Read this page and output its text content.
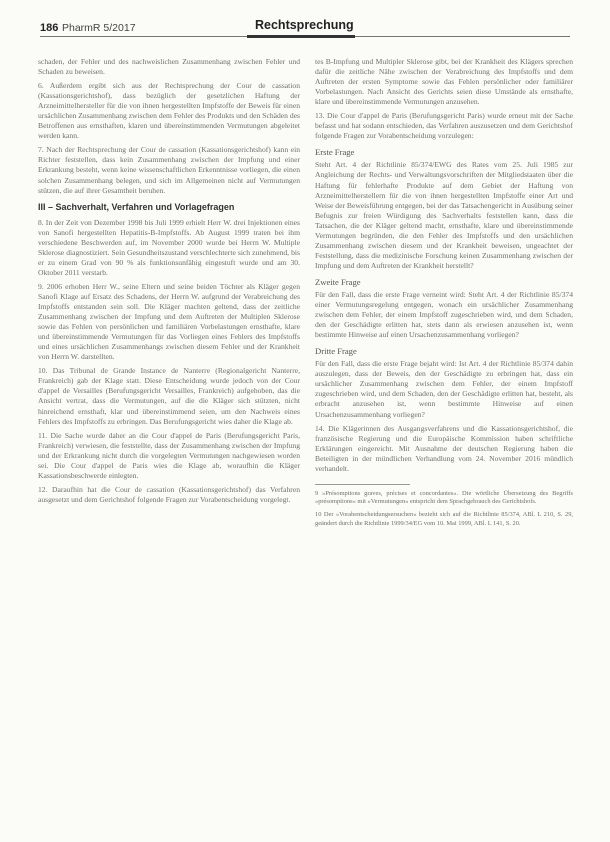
186 PharmR 5/2017	Rechtsprechung

schaden, der Fehler und des nachweislichen Zusammenhang zwischen Fehler und Schaden zu beweisen.

6. Außerdem ergibt sich aus der Rechtsprechung der Cour de cassation (Kassationsgerichtshof), dass bezüglich der gesetzlichen Haftung der Arzneimittelhersteller für die von ihnen hergestellten Impfstoffe der Beweis für einen ursächlichen Zusammenhang zwischen dem Fehler des Produkts und den Schäden des Betroffenen aus ernsthaften, klaren und übereinstimmenden Vermutungen abgeleitet werden kann.

7. Nach der Rechtsprechung der Cour de cassation (Kassationsgerichtshof) kann ein Richter feststellen, dass kein Zusammenhang zwischen der Impfung und einer Erkrankung besteht, wenn keine wissenschaftlichen Erkenntnisse vorliegen, die einen solchen Zusammenhang belegen, und sich im Allgemeinen nicht auf Vermutungen stützen, die auf ihrer Gesamtheit beruhen.

III – Sachverhalt, Verfahren und Vorlagefragen

8. In der Zeit von Dezember 1998 bis Juli 1999 erhielt Herr W. drei Injektionen eines von Sanofi hergestellten Hepatitis-B-Impfstoffs. Ab August 1999 traten bei ihm verschiedene Beschwerden auf, im November 2000 wurde bei Herrn W. Multiple Sklerose diagnostiziert. Sein Gesundheitszustand verschlechterte sich zunehmend, bis er zu einem Grad von 90 % als funktionsunfähig eingestuft wurde und am 30. Oktober 2011 verstarb.

9. 2006 erhoben Herr W., seine Eltern und seine beiden Töchter als Kläger gegen Sanofi Klage auf Ersatz des Schadens, der Herrn W. aufgrund der Verabreichung des Impfstoffs entstanden sein soll. Die Kläger machten geltend, dass der zeitliche Zusammenhang zwischen der Impfung und dem Auftreten der Multiplen Sklerose sowie das Fehlen von persönlichen und familiären Vorbelastungen ernsthafte, klare und übereinstimmende Vermutungen für das Vorliegen eines Fehlers des Impfstoffs und eines ursächlichen Zusammenhangs zwischen diesem Fehler und der Krankheit von Herrn W. darstellten.

10. Das Tribunal de Grande Instance de Nanterre (Regionalgericht Nanterre, Frankreich) gab der Klage statt. Diese Entscheidung wurde jedoch von der Cour d'appel de Versailles (Berufungsgericht Versailles, Frankreich) aufgehoben, das die Ansicht vertrat, dass die Vermutungen, auf die die Kläger sich stützten, nicht hinreichend ernsthaft, klar und übereinstimmend seien, um den Nachweis eines Fehlers des Impfstoffs zu erbringen. Das Berufungsgericht wies daher die Klage ab.

11. Die Sache wurde daher an die Cour d'appel de Paris (Berufungsgericht Paris, Frankreich) verwiesen, die feststellte, dass der Zusammenhang zwischen der Impfung und der Erkrankung nicht durch die vorgelegten Vermutungen nachgewiesen worden sei. Die Cour d'appel de Paris wies die Klage ab, woraufhin die Kläger Kassationsbeschwerde einlegten.

12. Daraufhin hat die Cour de cassation (Kassationsgerichtshof) das Verfahren ausgesetzt und dem Gerichtshof folgende Fragen zur Vorabentscheidung vorgelegt.

tes B-Impfung und Multipler Sklerose gibt, bei der Krankheit des Klägers sprechen dafür die zeitliche Nähe zwischen der Verabreichung des Impfstoffs und dem Auftreten der ersten Symptome sowie das Fehlen persönlicher oder familiärer Vorbelastungen. Nach Ansicht des Gerichts seien diese Umstände als ernsthafte, klare und übereinstimmende Vermutungen anzusehen.

13. Die Cour d'appel de Paris (Berufungsgericht Paris) wurde erneut mit der Sache befasst und hat sodann entschieden, das Verfahren auszusetzen und dem Gerichtshof folgende Fragen zur Vorabentscheidung vorzulegen:

Erste Frage

Steht Art. 4 der Richtlinie 85/374/EWG des Rates vom 25. Juli 1985 zur Angleichung der Rechts- und Verwaltungsvorschriften der Mitgliedstaaten über die Haftung für fehlerhafte Produkte auf dem Gebiet der Haftung von Arzneimittelherstellern für die von ihnen hergestellten Impfstoffe einer Art und Weise der Beweisführung entgegen, bei der das Tatsachengericht in Ausübung seiner Befugnis zur freien Würdigung des Sachverhalts feststellen kann, dass die Tatsachen, die der Kläger geltend macht, ernsthafte, klare und übereinstimmende Vermutungen begründen, die den Fehler des Impfstoffs und den ursächlichen Zusammenhang zwischen diesem und der Krankheit beweisen, ungeachtet der Feststellung, dass die medizinische Forschung keinen Zusammenhang zwischen der Impfung und dem Auftreten der Krankheit herstellt?

Zweite Frage

Für den Fall, dass die erste Frage verneint wird: Steht Art. 4 der Richtlinie 85/374 einer Vermutungsregelung entgegen, wonach ein ursächlicher Zusammenhang zwischen dem Fehler, der einem Impfstoff zugeschrieben wird, und dem Schaden, den der Geschädigte erlitten hat, stets dann als erwiesen anzusehen ist, wenn bestimmte Hinweise auf einen Ursachenzusammenhang vorliegen?

Dritte Frage

Für den Fall, dass die erste Frage bejaht wird: Ist Art. 4 der Richtlinie 85/374 dahin auszulegen, dass der Beweis, den der Geschädigte zu erbringen hat, dass ein ursächlicher Zusammenhang zwischen dem Fehler, der einem Impfstoff zugeschrieben wird, und dem Schaden, den der Geschädigte erlitten hat, besteht, als erbracht anzusehen ist, wenn bestimmte Hinweise auf einen Ursachenzusammenhang vorliegen?

14. Die Klägerinnen des Ausgangsverfahrens und die Kassationsgerichtshof, die französische Regierung und die Europäische Kommission haben schriftliche Erklärungen eingereicht. Mit Ausnahme der deutschen Regierung haben die Beteiligten in der mündlichen Verhandlung vom 24. November 2016 mündlich verhandelt.

9 »Présomptions graves, précises et concordantes«. Die wörtliche Übersetzung des Begriffs »présomptions« mit »Vermutungen« entspricht dem Sprachgebrauch des Gerichtshofs.

10 Der »Vorabentscheidungsersuchen« bezieht sich auf die Richtlinie 85/374, ABl. L 210, S. 29, geändert durch die Richtlinie 1999/34/EG vom 10. Mai 1999, ABl. L 141, S. 20.
